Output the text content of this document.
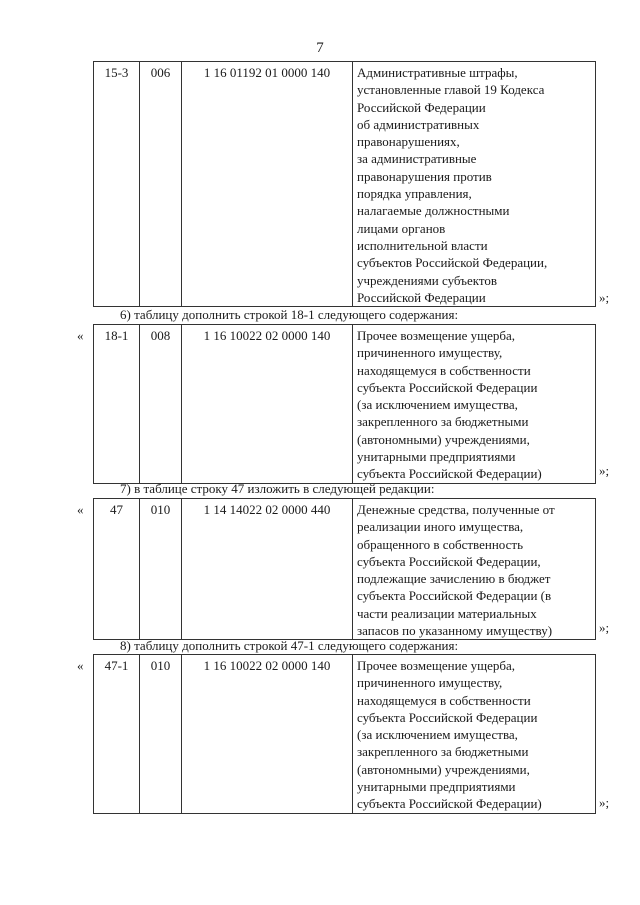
7
15-3	006	1 16 01192 01 0000 140	Административные штрафы,
установленные главой 19 Кодекса
Российской Федерации
об административных
правонарушениях,
за административные
правонарушения против
порядка управления,
налагаемые должностными
лицами органов
исполнительной власти
субъектов Российской Федерации,
учреждениями субъектов
Российской Федерации	»;
6) таблицу дополнить строкой 18-1 следующего содержания:
« 18-1	008	1 16 10022 02 0000 140	Прочее возмещение ущерба,
причиненного имуществу,
находящемуся в собственности
субъекта Российской Федерации
(за исключением имущества,
закрепленного за бюджетными
(автономными) учреждениями,
унитарными предприятиями
субъекта Российской Федерации)	»;
7) в таблице строку 47 изложить в следующей редакции:
« 47	010	1 14 14022 02 0000 440	Денежные средства, полученные от
реализации иного имущества,
обращенного в собственность
субъекта Российской Федерации,
подлежащие зачислению в бюджет
субъекта Российской Федерации (в
части реализации материальных
запасов по указанному имуществу)	»;
8) таблицу дополнить строкой 47-1 следующего содержания:
« 47-1	010	1 16 10022 02 0000 140	Прочее возмещение ущерба,
причиненного имуществу,
находящемуся в собственности
субъекта Российской Федерации
(за исключением имущества,
закрепленного за бюджетными
(автономными) учреждениями,
унитарными предприятиями
субъекта Российской Федерации)	»;
